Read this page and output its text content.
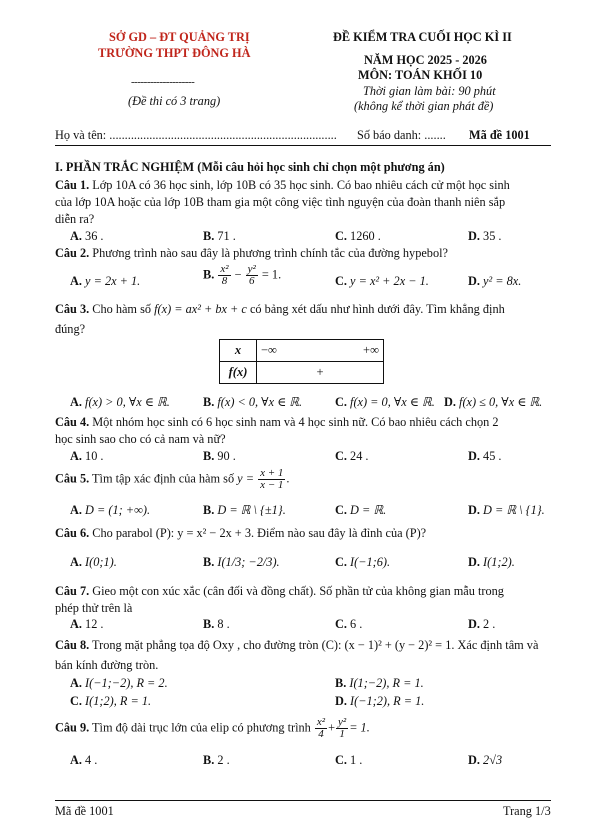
SỞ GD – ĐT QUẢNG TRỊ
TRƯỜNG THPT ĐÔNG HÀ
--------------------
(Đề thi có 3 trang)
ĐỀ KIỂM TRA CUỐI HỌC KÌ II
NĂM HỌC 2025 - 2026
MÔN: TOÁN KHỐI 10
Thời gian làm bài: 90 phút
(không kể thời gian phát đề)
Họ và tên: .......................................................................... Số báo danh: ....... Mã đề 1001
I. PHẦN TRẮC NGHIỆM (Mỗi câu hỏi học sinh chỉ chọn một phương án)
Câu 1. Lớp 10A có 36 học sinh, lớp 10B có 35 học sinh. Có bao nhiêu cách cử một học sinh
của lớp 10A hoặc của lớp 10B tham gia một công việc tình nguyện của đoàn thanh niên sắp
diễn ra?
A. 36 .	B. 71 .	C. 1260 .	D. 35 .
Câu 2. Phương trình nào sau đây là phương trình chính tắc của đường hypebol?
A. y = 2x + 1.	B. $\frac{\text{x²}}{8} - \frac{\text{y²}}{6} = 1$.	C. y = x² + 2x − 1.	D. y² = 8x.
Câu 3. Cho hàm số f(x) = ax² + bx + c có bảng xét dấu như hình dưới đây. Tìm khẳng định
đúng?
x	−∞ +∞

f(x)	+
A. f(x) > 0, ∀x ∈ ℝ.	B. f(x) < 0, ∀x ∈ ℝ.	C. f(x) = 0, ∀x ∈ ℝ. D. f(x) ≤ 0, ∀x ∈ ℝ.
Câu 4. Một nhóm học sinh có 6 học sinh nam và 4 học sinh nữ. Có bao nhiêu cách chọn 2
học sinh sao cho có cả nam và nữ?
A. 10 .	B. 90 .	C. 24 .	D. 45 .
Câu 5. Tìm tập xác định của hàm số $y = \frac{x + 1}{x - 1}$ .
A. D = (1; +∞).	B. D = ℝ \ {±1}.	C. D = ℝ.	D. D = ℝ \ {1}.
Câu 6. Cho parabol (P): y = x² − 2x + 3. Điểm nào sau đây là đỉnh của (P)?
A. I(0;1).	B. I(1/3; −2/3).	C. I(−1;6).	D. I(1;2).
Câu 7. Gieo một con xúc xắc (cân đối và đồng chất). Số phần tử của không gian mẫu trong
phép thử trên là
A. 12 .	B. 8 .	C. 6 .	D. 2 .
Câu 8. Trong mặt phẳng tọa độ Oxy , cho đường tròn (C): (x − 1)² + (y − 2)² = 1. Xác định tâm và
bán kính đường tròn.
A. I(−1;−2), R = 2.	B. I(1;−2), R = 1.
C. I(1;2), R = 1.	D. I(−1;2), R = 1.
Câu 9. Tìm độ dài trục lớn của elip có phương trình $\frac{\text{x²}}{4} + \frac{\text{y²}}{1} = 1$.
A. 4 .	B. 2 .	C. 1 .	D. 2√3
Mã đề 1001	Trang 1/3
